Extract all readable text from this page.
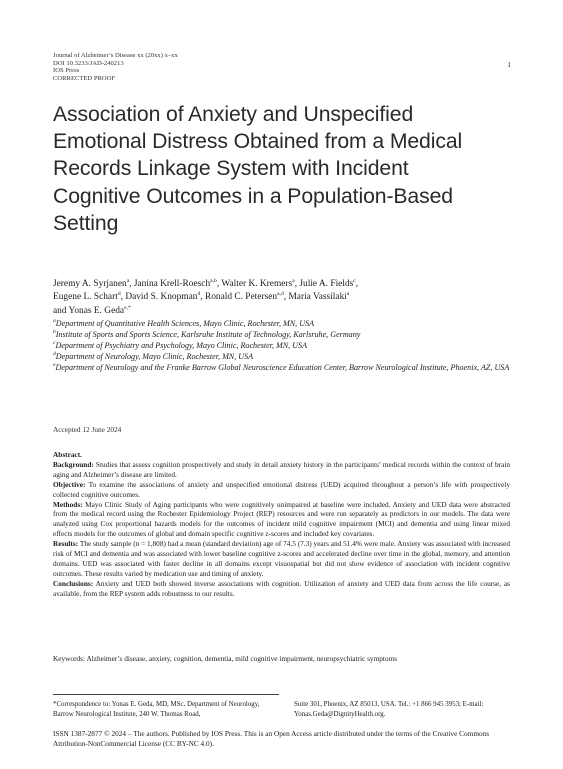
Journal of Alzheimer’s Disease xx (20xx) x–xx
DOI 10.3233/JAD-240213
IOS Press
CORRECTED PROOF
1
Association of Anxiety and Unspecified Emotional Distress Obtained from a Medical Records Linkage System with Incident Cognitive Outcomes in a Population-Based Setting
Jeremy A. Syrjanen$^a$, Janina Krell-Roesch$^{a,b}$, Walter K. Kremers$^a$, Julie A. Fields$^c$,
Eugene L. Schart$^d$, David S. Knopman$^d$, Ronald C. Petersen$^{a,d}$, Maria Vassilaki$^a$
and Yonas E. Geda$^{e,*}$
$^a$Department of Quantitative Health Sciences, Mayo Clinic, Rochester, MN, USA
$^b$Institute of Sports and Sports Science, Karlsruhe Institute of Technology, Karlsruhe, Germany
$^c$Department of Psychiatry and Psychology, Mayo Clinic, Rochester, MN, USA
$^d$Department of Neurology, Mayo Clinic, Rochester, MN, USA
$^e$Department of Neurology and the Franke Barrow Global Neuroscience Education Center, Barrow Neurological Institute, Phoenix, AZ, USA
Accepted 12 June 2024

Abstract.

Background: Studies that assess cognition prospectively and study in detail anxiety history in the participants’ medical records within the context of brain aging and Alzheimer’s disease are limited.

Objective: To examine the associations of anxiety and unspecified emotional distress (UED) acquired throughout a person’s life with prospectively collected cognitive outcomes.

Methods: Mayo Clinic Study of Aging participants who were cognitively unimpaired at baseline were included. Anxiety and UED data were abstracted from the medical record using the Rochester Epidemiology Project (REP) resources and were run separately as predictors in our models. The data were analyzed using Cox proportional hazards models for the outcomes of incident mild cognitive impairment (MCI) and dementia and using linear mixed effects models for the outcomes of global and domain specific cognitive z-scores and included key covariates.

Results: The study sample (n = 1,808) had a mean (standard deviation) age of 74.5 (7.3) years and 51.4% were male. Anxiety was associated with increased risk of MCI and dementia and was associated with lower baseline cognitive z-scores and accelerated decline over time in the global, memory, and attention domains. UED was associated with faster decline in all domains except visuospatial but did not show evidence of association with incident cognitive outcomes. These results varied by medication use and timing of anxiety.

Conclusions: Anxiety and UED both showed inverse associations with cognition. Utilization of anxiety and UED data from across the life course, as available, from the REP system adds robustness to our results.

Keywords: Alzheimer’s disease, anxiety, cognition, dementia, mild cognitive impairment, neuropsychiatric symptoms
*Correspondence to: Yonas E. Geda, MD, MSc, Department of Neurology, Barrow Neurological Institute, 240 W. Thomas Road,
Suite 301, Phoenix, AZ 85013, USA. Tel.: +1 866 945 3953; E-mail: Yonas.Geda@DignityHealth.org.
ISSN 1387-2877 © 2024 – The authors. Published by IOS Press. This is an Open Access article distributed under the terms of the Creative Commons Attribution-NonCommercial License (CC BY-NC 4.0).
